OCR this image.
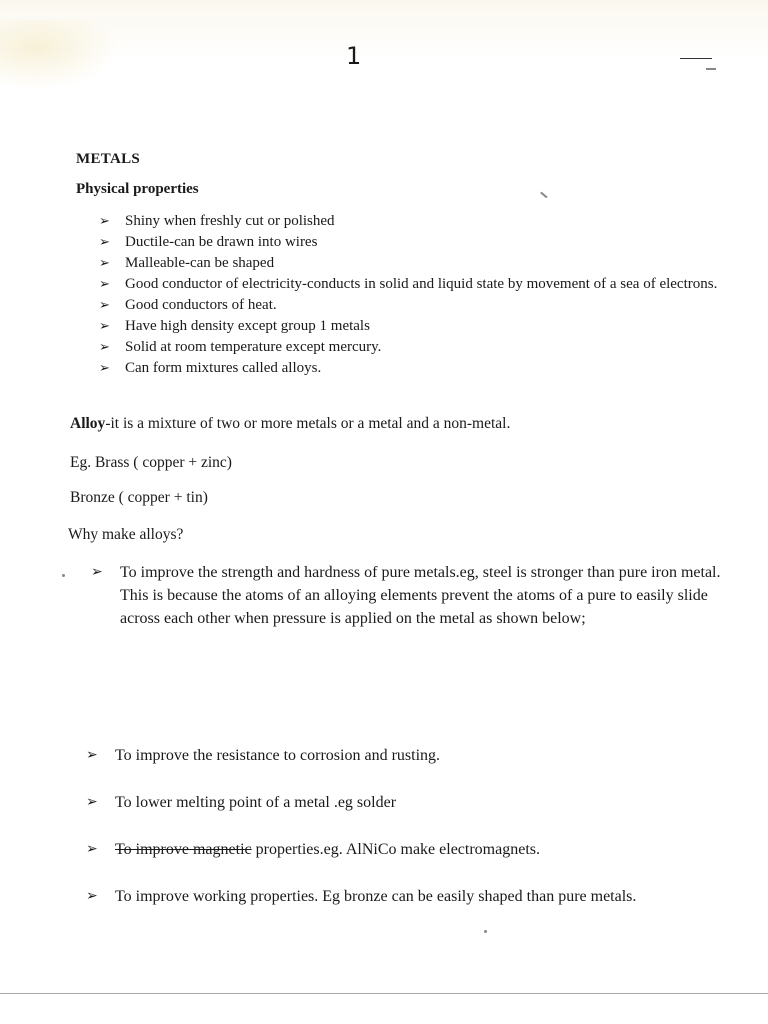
1
METALS
Physical properties
➢ Shiny when freshly cut or polished
➢ Ductile-can be drawn into wires
➢ Malleable-can be shaped
➢ Good conductor of electricity-conducts in solid and liquid state by movement of a sea of electrons.
➢ Good conductors of heat.
➢ Have high density except group 1 metals
➢ Solid at room temperature except mercury.
➢ Can form mixtures called alloys.
Alloy-it is a mixture of two or more metals or a metal and a non-metal.
Eg. Brass ( copper + zinc)
Bronze ( copper + tin)
Why make alloys?
➢ To improve the strength and hardness of pure metals.eg, steel is stronger than pure iron metal. This is because the atoms of an alloying elements prevent the atoms of a pure to easily slide across each other when pressure is applied on the metal as shown below;
➢ To improve the resistance to corrosion and rusting.
➢ To lower melting point of a metal .eg solder
➢ To improve magnetic properties.eg. AlNiCo make electromagnets.
➢ To improve working properties. Eg bronze can be easily shaped than pure metals.
